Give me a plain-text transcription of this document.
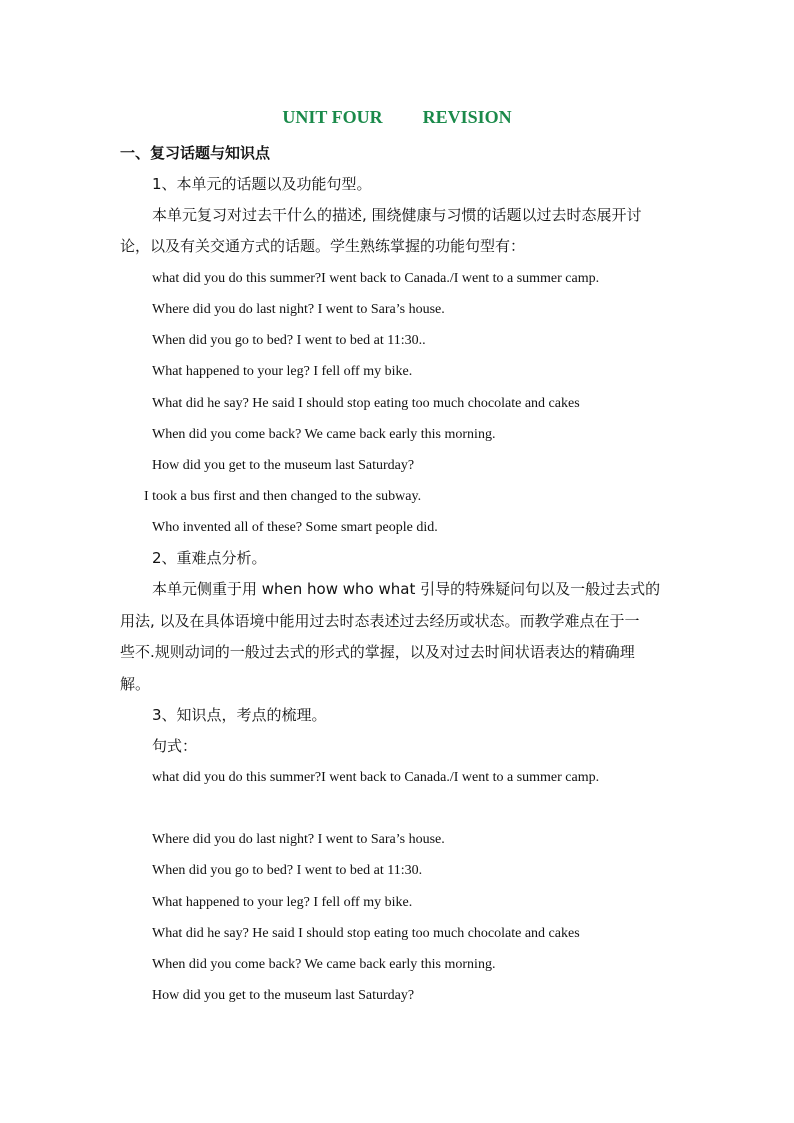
UNIT FOUR REVISION
一、复习话题与知识点
1、本单元的话题以及功能句型。
本单元复习对过去干什么的描述, 围绕健康与习惯的话题以过去时态展开讨
论，以及有关交通方式的话题。学生熟练掌握的功能句型有：
what did you do this summer?I went back to Canada./I went to a summer camp.
Where did you do last night? I went to Sara’s house.
When did you go to bed? I went to bed at 11:30..
What happened to your leg? I fell off my bike.
What did he say? He said I should stop eating too much chocolate and cakes
When did you come back? We came back early this morning.
How did you get to the museum last Saturday?
I took a bus first and then changed to the subway.
Who invented all of these? Some smart people did.
2、重难点分析。
本单元侧重于用 when how who what 引导的特殊疑问句以及一般过去式的
用法, 以及在具体语境中能用过去时态表述过去经历或状态。而教学难点在于一
些不.规则动词的一般过去式的形式的掌握，以及对过去时间状语表达的精确理
解。
3、知识点，考点的梳理。
句式：
what did you do this summer?I went back to Canada./I went to a summer camp.
Where did you do last night? I went to Sara’s house.
When did you go to bed? I went to bed at 11:30.
What happened to your leg? I fell off my bike.
What did he say? He said I should stop eating too much chocolate and cakes
When did you come back? We came back early this morning.
How did you get to the museum last Saturday?
